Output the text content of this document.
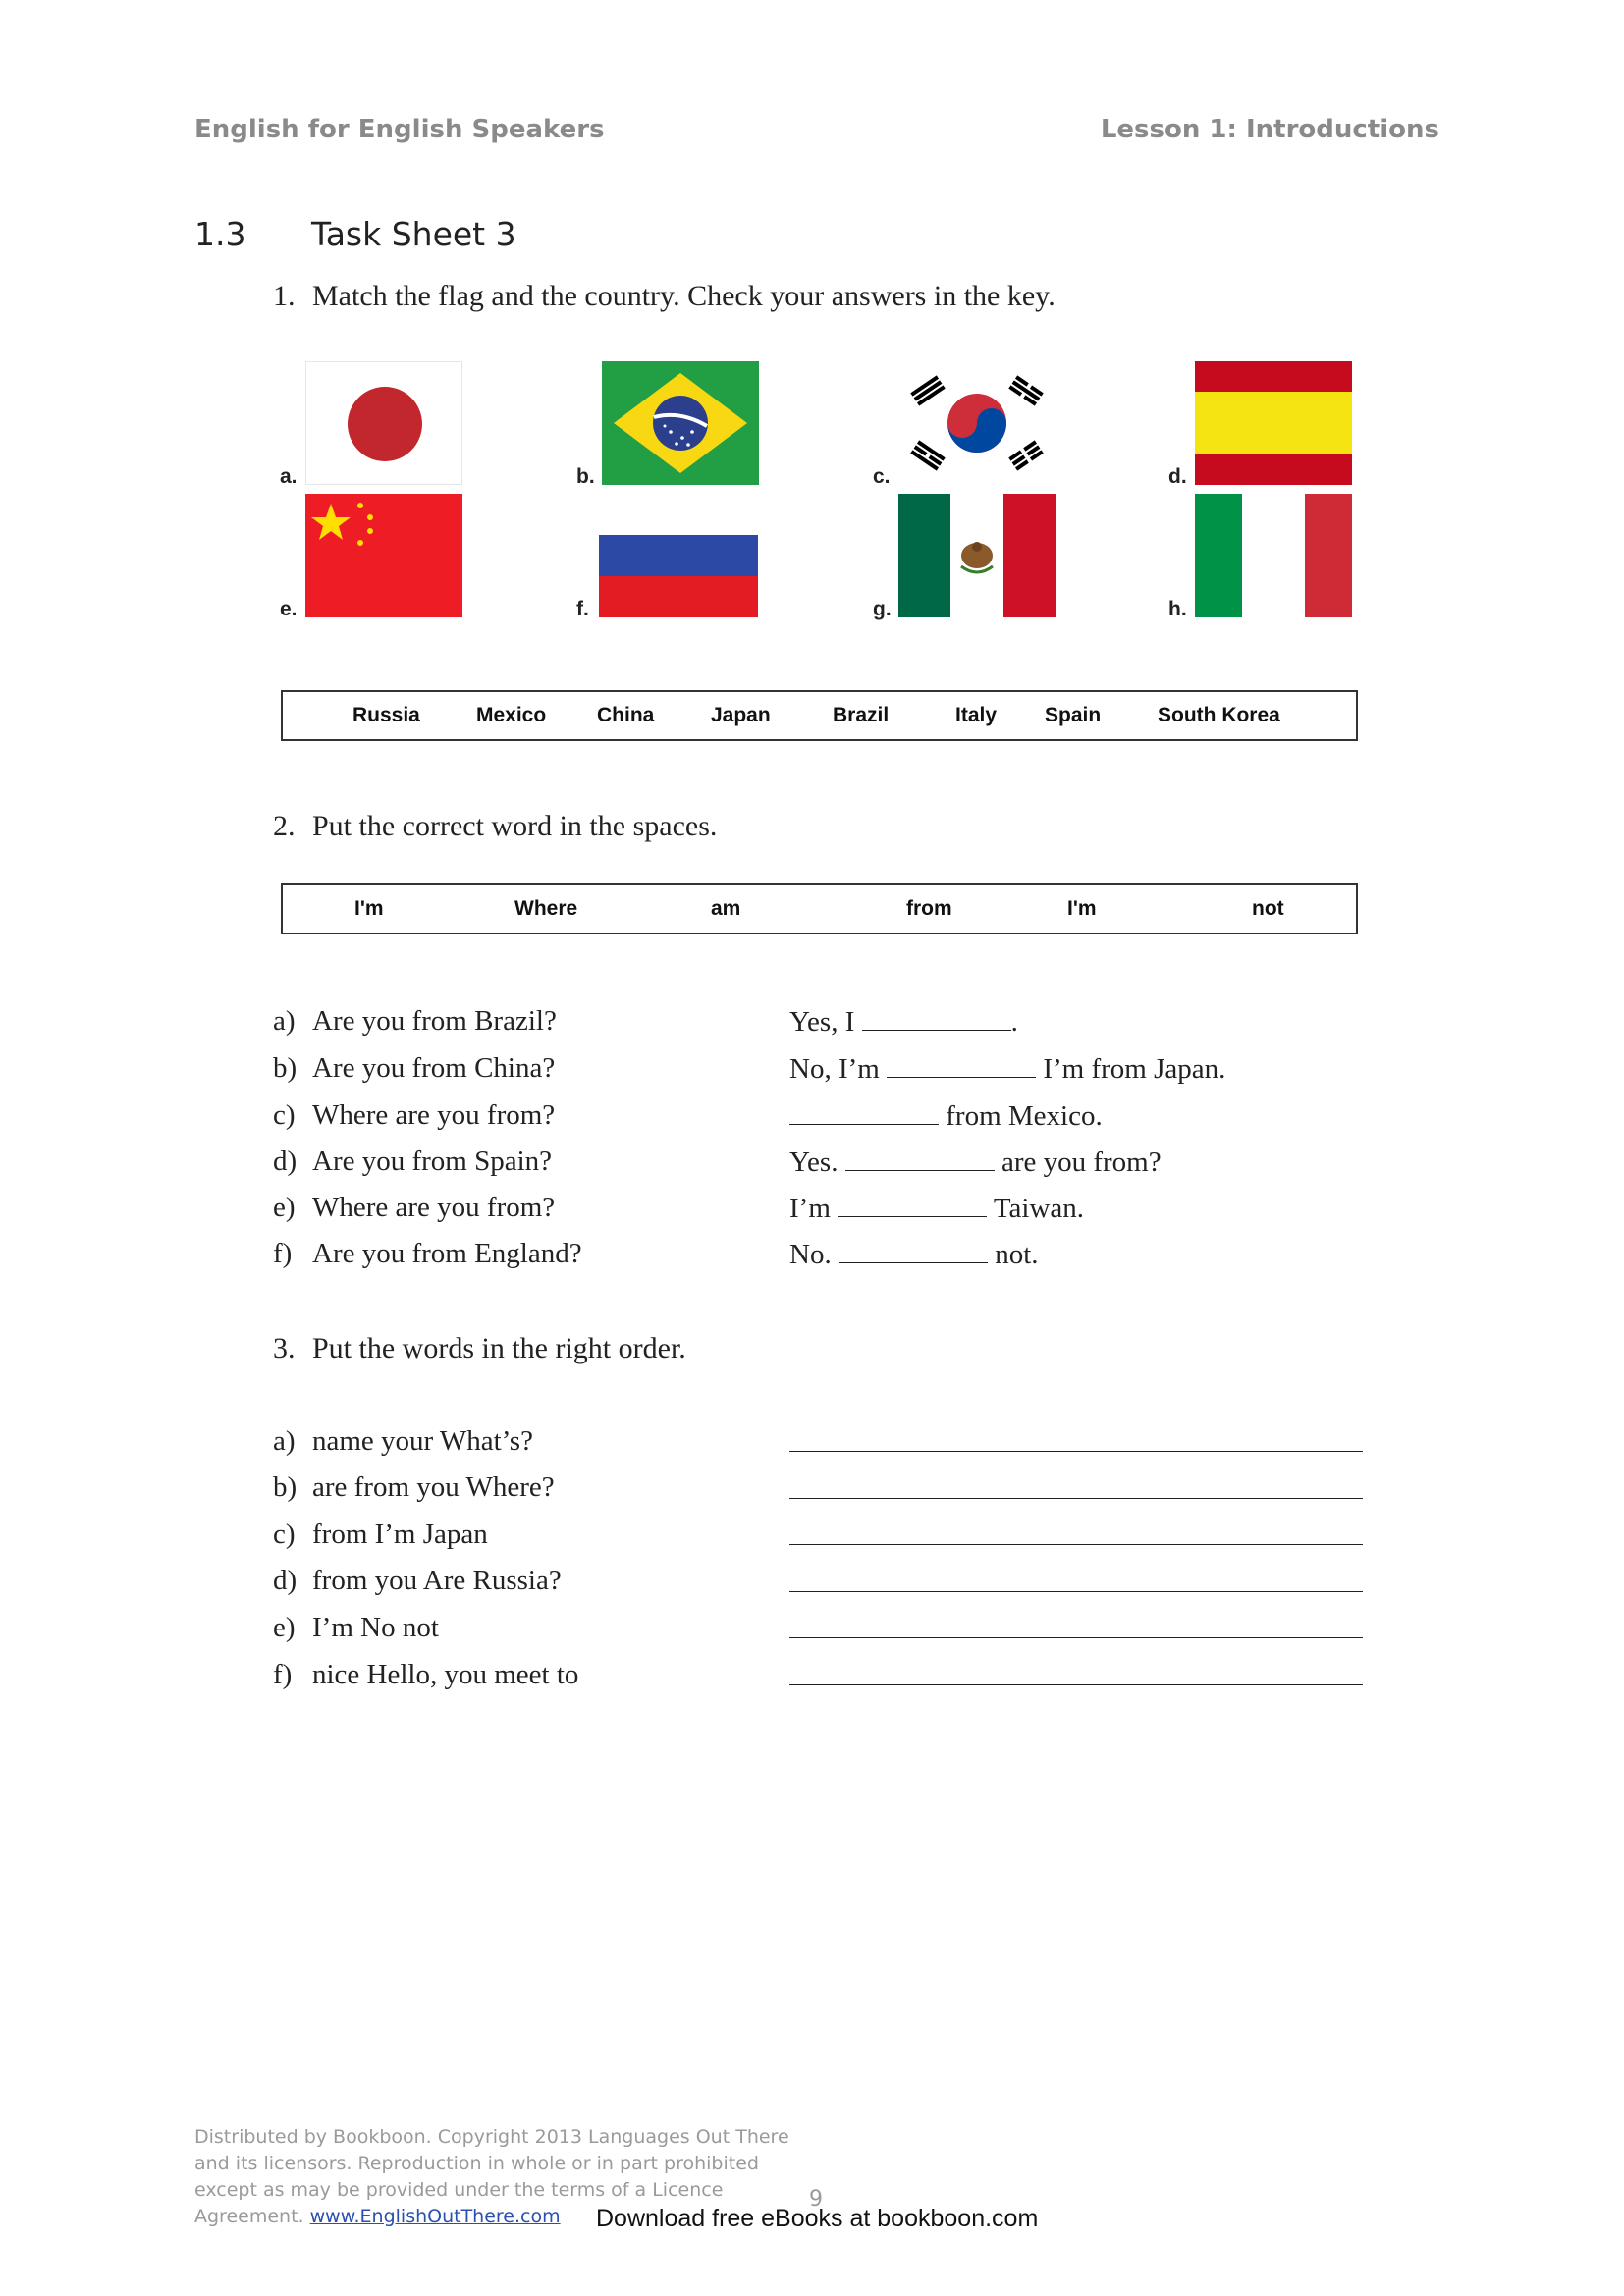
English for English Speakers	Lesson 1: Introductions
1.3 Task Sheet 3
1. Match the flag and the country. Check your answers in the key.
a.	b.	c.	d.
e.	f.	g.	h.
Russia	Mexico China	Japan	Brazil	Italy Spain	South Korea
2. Put the correct word in the spaces.
I'm	Where	am	from	I'm	not
a) Are you from Brazil?	Yes, I	.
b) Are you from China?	No, I’m	I’m from Japan.
c) Where are you from?	from Mexico.
d) Are you from Spain?	Yes.	are you from?
e) Where are you from?	I’m	Taiwan.
f) Are you from England?	No.	not.
3. Put the words in the right order.
a) name your What’s?
b) are from you Where?
c) from I’m Japan
d) from you Are Russia?
e) I’m No not
f) nice Hello, you meet to
Distributed by Bookboon. Copyright 2013 Languages Out There
and its licensors. Reproduction in whole or in part prohibited
except as may be provided under the terms of a Licence
Agreement. www.EnglishOutThere.com
9
Download free eBooks at bookboon.com
